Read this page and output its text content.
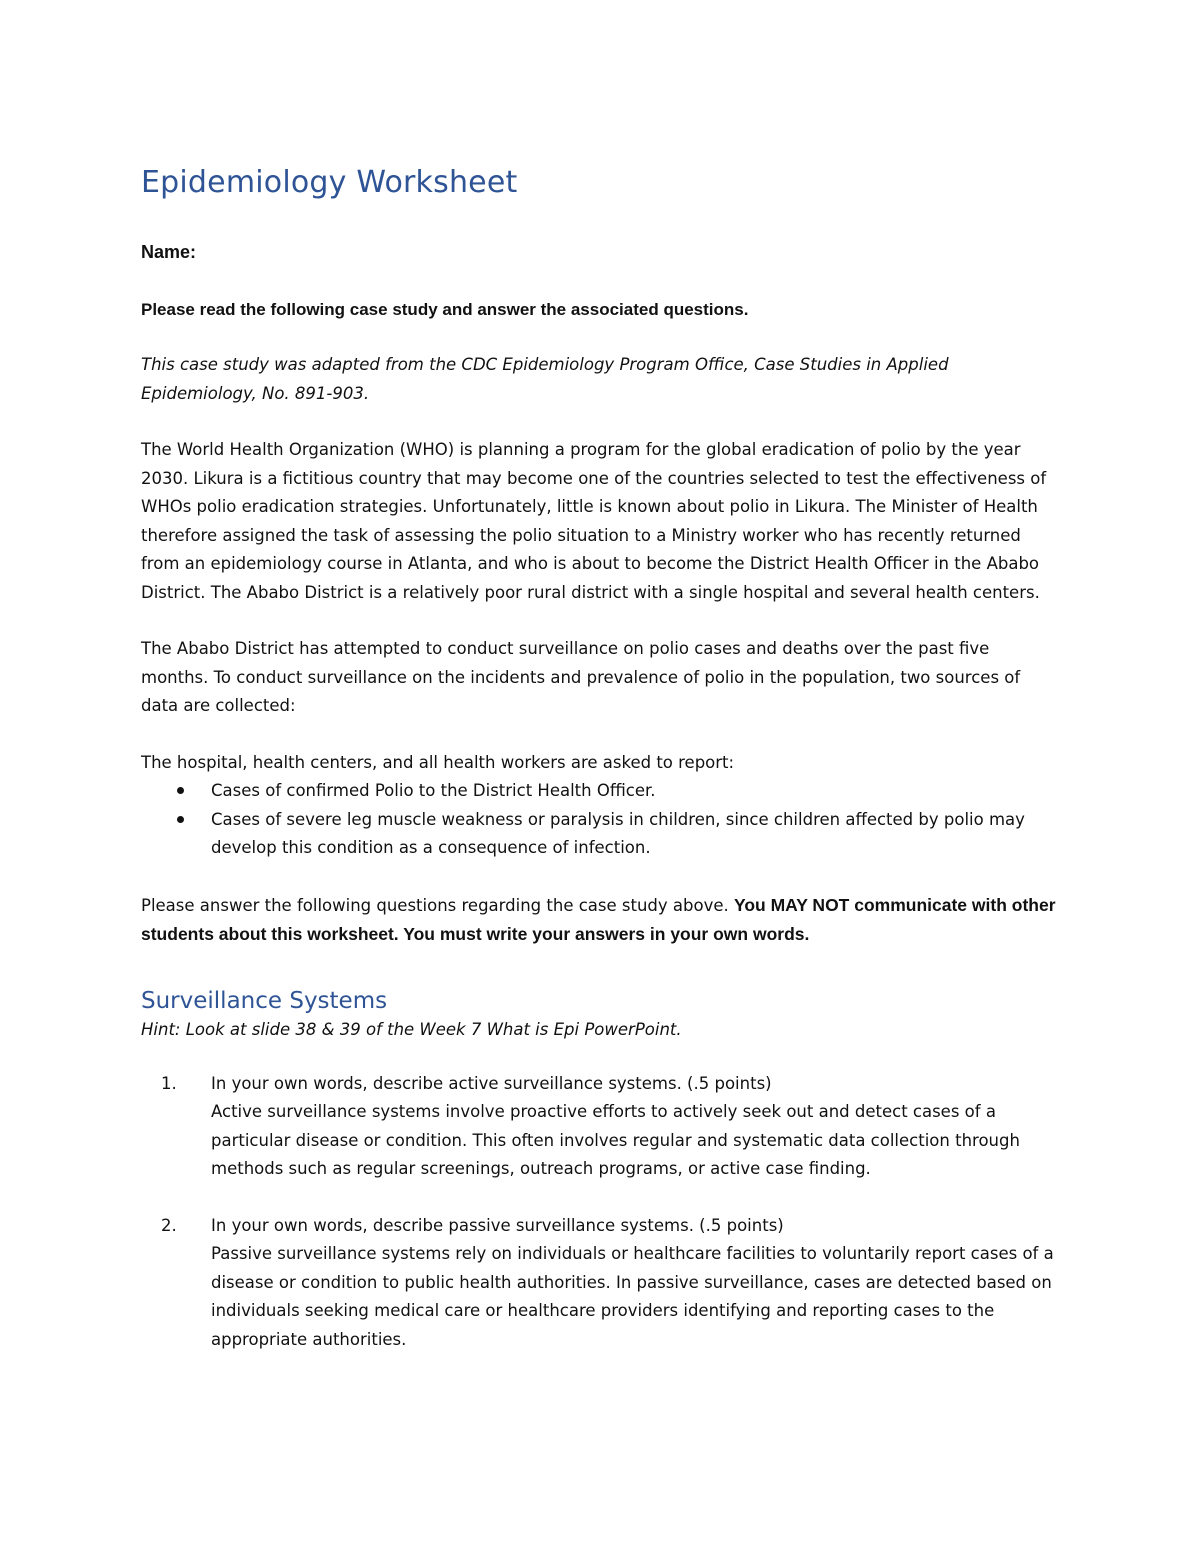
Epidemiology Worksheet
Name:
Please read the following case study and answer the associated questions.

This case study was adapted from the CDC Epidemiology Program Office, Case Studies in Applied Epidemiology, No. 891-903.

The World Health Organization (WHO) is planning a program for the global eradication of polio by the year 2030. Likura is a fictitious country that may become one of the countries selected to test the effectiveness of WHOs polio eradication strategies. Unfortunately, little is known about polio in Likura. The Minister of Health therefore assigned the task of assessing the polio situation to a Ministry worker who has recently returned from an epidemiology course in Atlanta, and who is about to become the District Health Officer in the Ababo District. The Ababo District is a relatively poor rural district with a single hospital and several health centers.

The Ababo District has attempted to conduct surveillance on polio cases and deaths over the past five months. To conduct surveillance on the incidents and prevalence of polio in the population, two sources of data are collected:

The hospital, health centers, and all health workers are asked to report:

Cases of confirmed Polio to the District Health Officer.
Cases of severe leg muscle weakness or paralysis in children, since children affected by polio may develop this condition as a consequence of infection.

Please answer the following questions regarding the case study above. You MAY NOT communicate with other students about this worksheet. You must write your answers in your own words.

Surveillance Systems

Hint: Look at slide 38 & 39 of the Week 7 What is Epi PowerPoint.

1. In your own words, describe active surveillance systems. (.5 points)
Active surveillance systems involve proactive efforts to actively seek out and detect cases of a particular disease or condition. This often involves regular and systematic data collection through methods such as regular screenings, outreach programs, or active case finding.
2. In your own words, describe passive surveillance systems. (.5 points)
Passive surveillance systems rely on individuals or healthcare facilities to voluntarily report cases of a disease or condition to public health authorities. In passive surveillance, cases are detected based on individuals seeking medical care or healthcare providers identifying and reporting cases to the appropriate authorities.
